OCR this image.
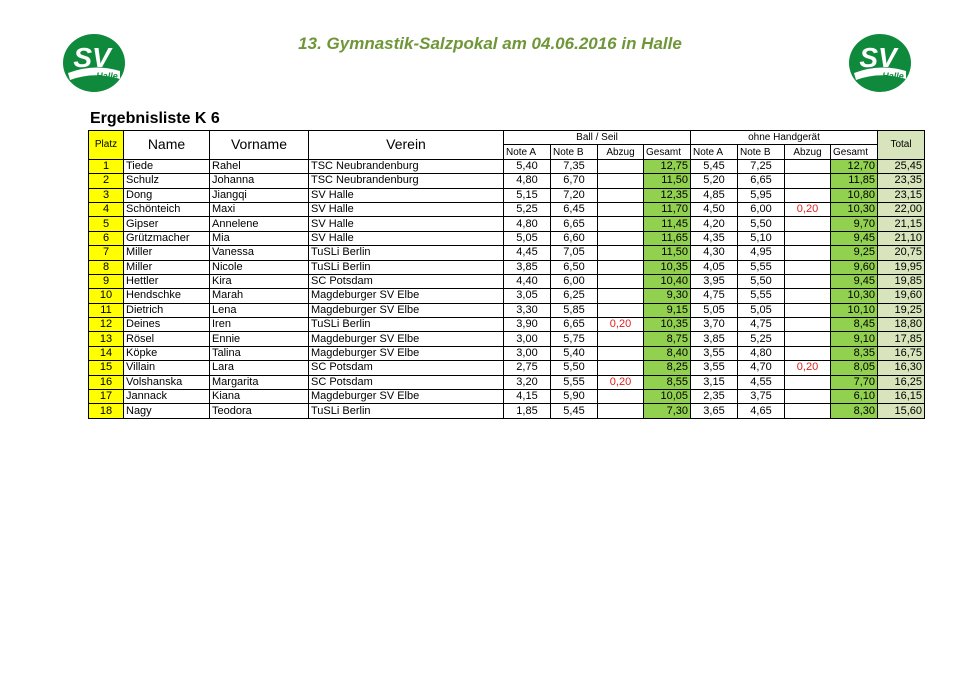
SV
Halle
SV
Halle
13. Gymnastik-Salzpokal am 04.06.2016 in Halle
Ergebnisliste K 6
Platz	Name	Vorname	Verein	Ball / Seil				ohne Handgerät				Total
				Note A	Note B	Abzug	Gesamt	Note A	Note B	Abzug	Gesamt	
1	Tiede	Rahel	TSC Neubrandenburg	5,40	7,35		12,75	5,45	7,25		12,70	25,45
2	Schulz	Johanna	TSC Neubrandenburg	4,80	6,70		11,50	5,20	6,65		11,85	23,35
3	Dong	Jiangqi	SV Halle	5,15	7,20		12,35	4,85	5,95		10,80	23,15
4	Schönteich	Maxi	SV Halle	5,25	6,45		11,70	4,50	6,00	0,20	10,30	22,00
5	Gipser	Annelene	SV Halle	4,80	6,65		11,45	4,20	5,50		9,70	21,15
6	Grützmacher	Mia	SV Halle	5,05	6,60		11,65	4,35	5,10		9,45	21,10
7	Miller	Vanessa	TuSLi Berlin	4,45	7,05		11,50	4,30	4,95		9,25	20,75
8	Miller	Nicole	TuSLi Berlin	3,85	6,50		10,35	4,05	5,55		9,60	19,95
9	Hettler	Kira	SC Potsdam	4,40	6,00		10,40	3,95	5,50		9,45	19,85
10	Hendschke	Marah	Magdeburger SV Elbe	3,05	6,25		9,30	4,75	5,55		10,30	19,60
11	Dietrich	Lena	Magdeburger SV Elbe	3,30	5,85		9,15	5,05	5,05		10,10	19,25
12	Deines	Iren	TuSLi Berlin	3,90	6,65	0,20	10,35	3,70	4,75		8,45	18,80
13	Rösel	Ennie	Magdeburger SV Elbe	3,00	5,75		8,75	3,85	5,25		9,10	17,85
14	Köpke	Talina	Magdeburger SV Elbe	3,00	5,40		8,40	3,55	4,80		8,35	16,75
15	Villain	Lara	SC Potsdam	2,75	5,50		8,25	3,55	4,70	0,20	8,05	16,30
16	Volshanska	Margarita	SC Potsdam	3,20	5,55	0,20	8,55	3,15	4,55		7,70	16,25
17	Jannack	Kiana	Magdeburger SV Elbe	4,15	5,90		10,05	2,35	3,75		6,10	16,15
18	Nagy	Teodora	TuSLi Berlin	1,85	5,45		7,30	3,65	4,65		8,30	15,60
